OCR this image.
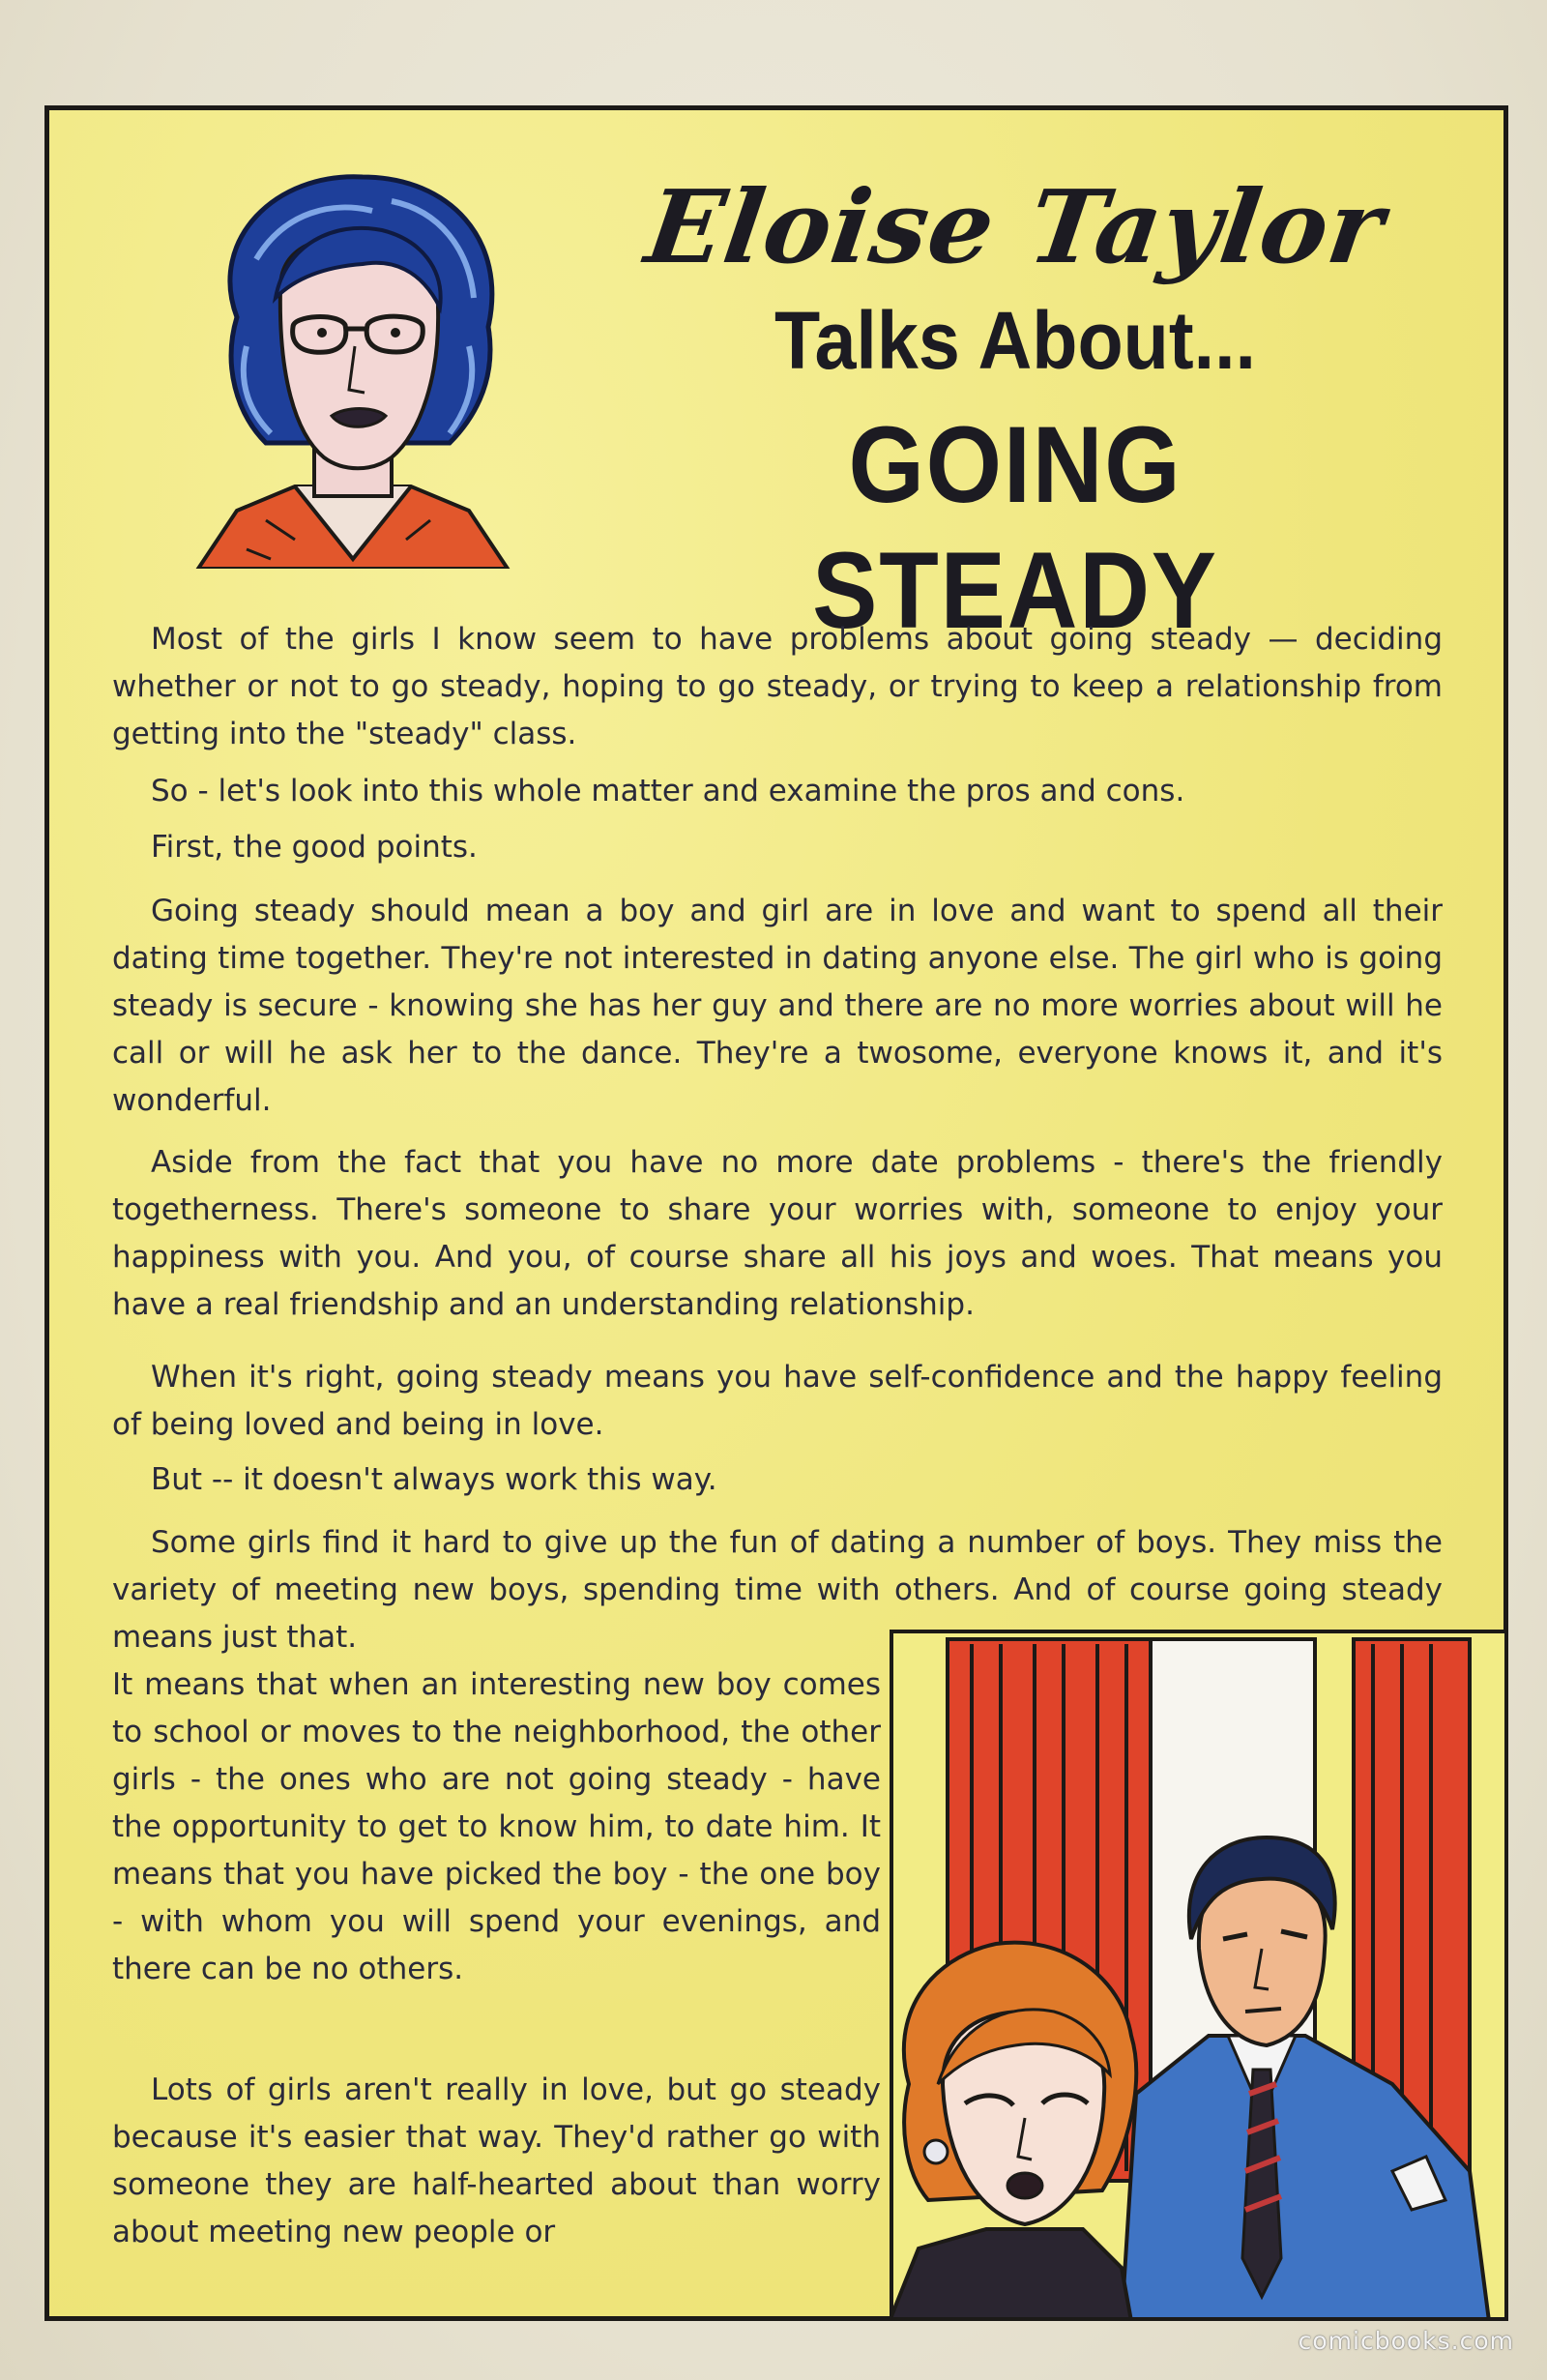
Eloise Taylor
Talks About...
GOING STEADY

Most of the girls I know seem to have problems about going steady — deciding whether or not to go steady, hoping to go steady, or trying to keep a relationship from getting into the "steady" class.

So - let's look into this whole matter and examine the pros and cons.

First, the good points.

Going steady should mean a boy and girl are in love and want to spend all their dating time together. They're not interested in dating anyone else. The girl who is going steady is secure - knowing she has her guy and there are no more worries about will he call or will he ask her to the dance. They're a twosome, everyone knows it, and it's wonderful.

Aside from the fact that you have no more date problems - there's the friendly togetherness. There's someone to share your worries with, someone to enjoy your happiness with you. And you, of course share all his joys and woes. That means you have a real friendship and an understanding relationship.

When it's right, going steady means you have self-confidence and the happy feeling of being loved and being in love.

But -- it doesn't always work this way.

Some girls find it hard to give up the fun of dating a number of boys. They miss the variety of meeting new boys, spending time with others. And of course going steady means just that.

It means that when an interesting new boy comes to school or moves to the neighborhood, the other girls - the ones who are not going steady - have the opportunity to get to know him, to date him. It means that you have picked the boy - the one boy - with whom you will spend your evenings, and there can be no others.

Lots of girls aren't really in love, but go steady because it's easier that way. They'd rather go with someone they are half-hearted about than worry about meeting new people or

comicbooks.com
